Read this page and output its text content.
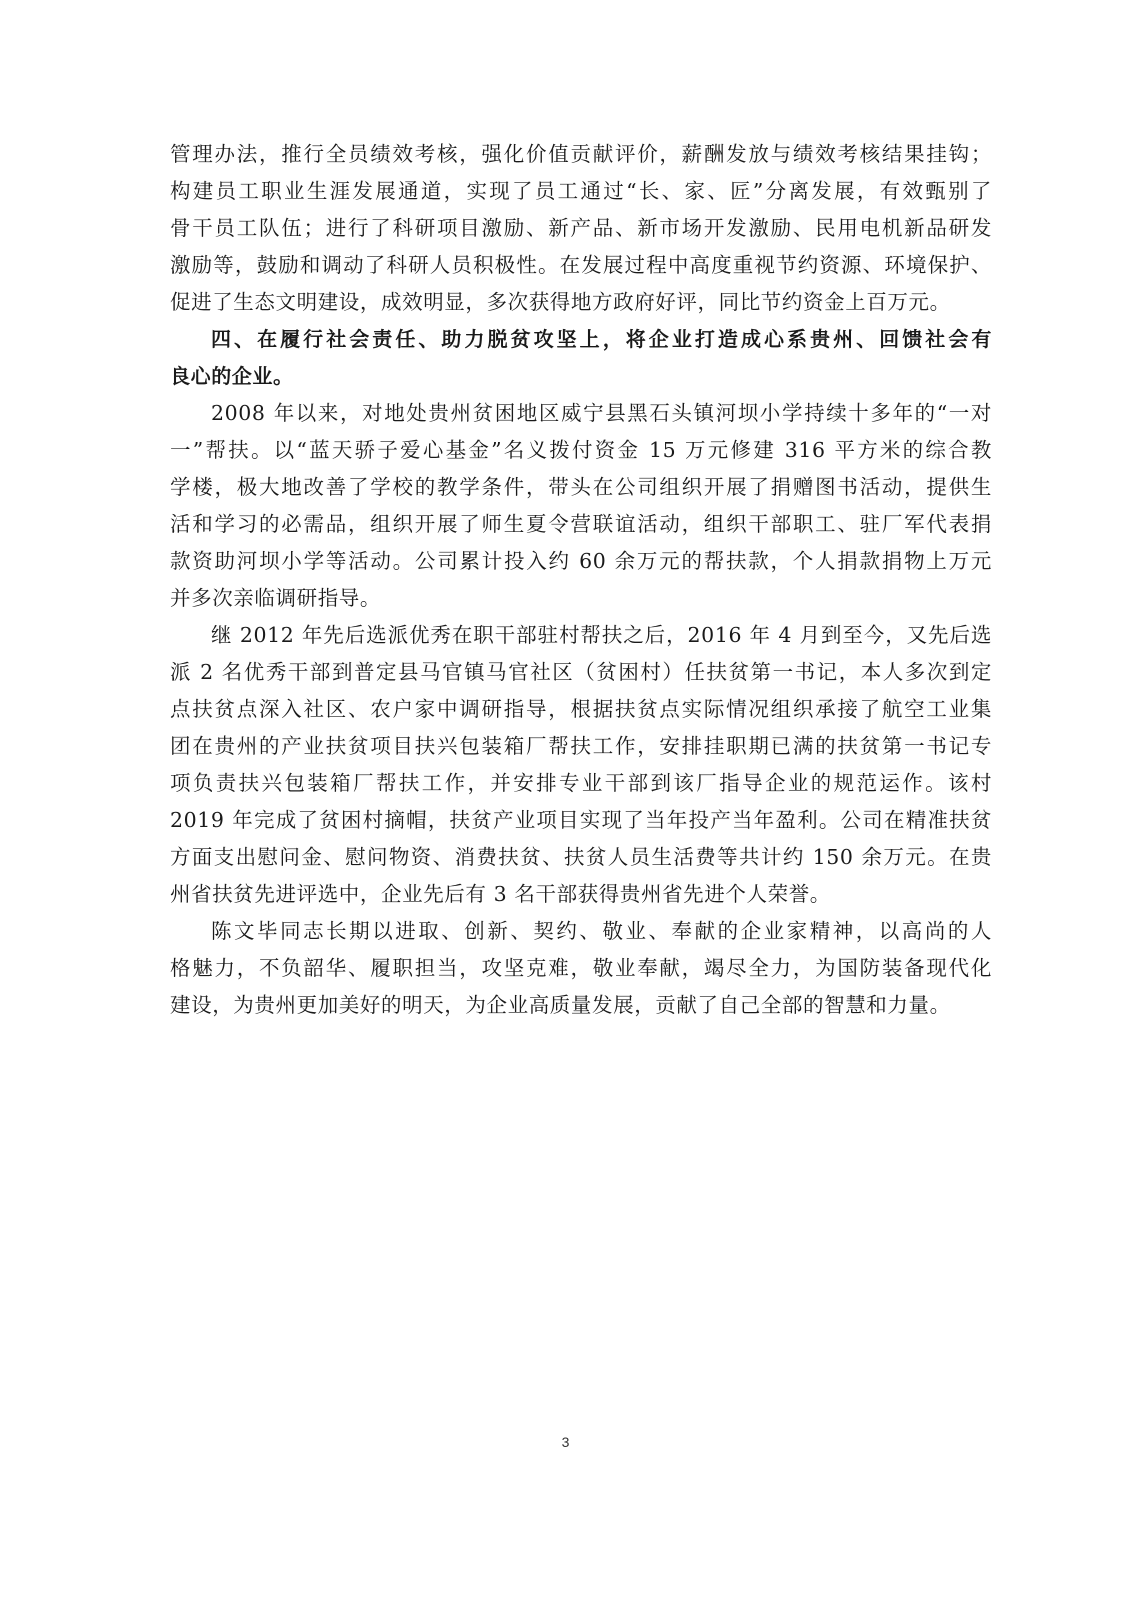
管理办法，推行全员绩效考核，强化价值贡献评价，薪酬发放与绩效考核结果挂钩；
构建员工职业生涯发展通道，实现了员工通过“长、家、匠”分离发展，有效甄别了
骨干员工队伍；进行了科研项目激励、新产品、新市场开发激励、民用电机新品研发
激励等，鼓励和调动了科研人员积极性。在发展过程中高度重视节约资源、环境保护、
促进了生态文明建设，成效明显，多次获得地方政府好评，同比节约资金上百万元。
四、在履行社会责任、助力脱贫攻坚上，将企业打造成心系贵州、回馈社会有
良心的企业。
2008 年以来，对地处贵州贫困地区威宁县黑石头镇河坝小学持续十多年的“一对
一”帮扶。以“蓝天骄子爱心基金”名义拨付资金 15 万元修建 316 平方米的综合教
学楼，极大地改善了学校的教学条件，带头在公司组织开展了捐赠图书活动，提供生
活和学习的必需品，组织开展了师生夏令营联谊活动，组织干部职工、驻厂军代表捐
款资助河坝小学等活动。公司累计投入约 60 余万元的帮扶款，个人捐款捐物上万元
并多次亲临调研指导。
继 2012 年先后选派优秀在职干部驻村帮扶之后，2016 年 4 月到至今，又先后选
派 2 名优秀干部到普定县马官镇马官社区（贫困村）任扶贫第一书记，本人多次到定
点扶贫点深入社区、农户家中调研指导，根据扶贫点实际情况组织承接了航空工业集
团在贵州的产业扶贫项目扶兴包装箱厂帮扶工作，安排挂职期已满的扶贫第一书记专
项负责扶兴包装箱厂帮扶工作，并安排专业干部到该厂指导企业的规范运作。该村
2019 年完成了贫困村摘帽，扶贫产业项目实现了当年投产当年盈利。公司在精准扶贫
方面支出慰问金、慰问物资、消费扶贫、扶贫人员生活费等共计约 150 余万元。在贵
州省扶贫先进评选中，企业先后有 3 名干部获得贵州省先进个人荣誉。
陈文毕同志长期以进取、创新、契约、敬业、奉献的企业家精神，以高尚的人
格魅力，不负韶华、履职担当，攻坚克难，敬业奉献，竭尽全力，为国防装备现代化
建设，为贵州更加美好的明天，为企业高质量发展，贡献了自己全部的智慧和力量。
3
